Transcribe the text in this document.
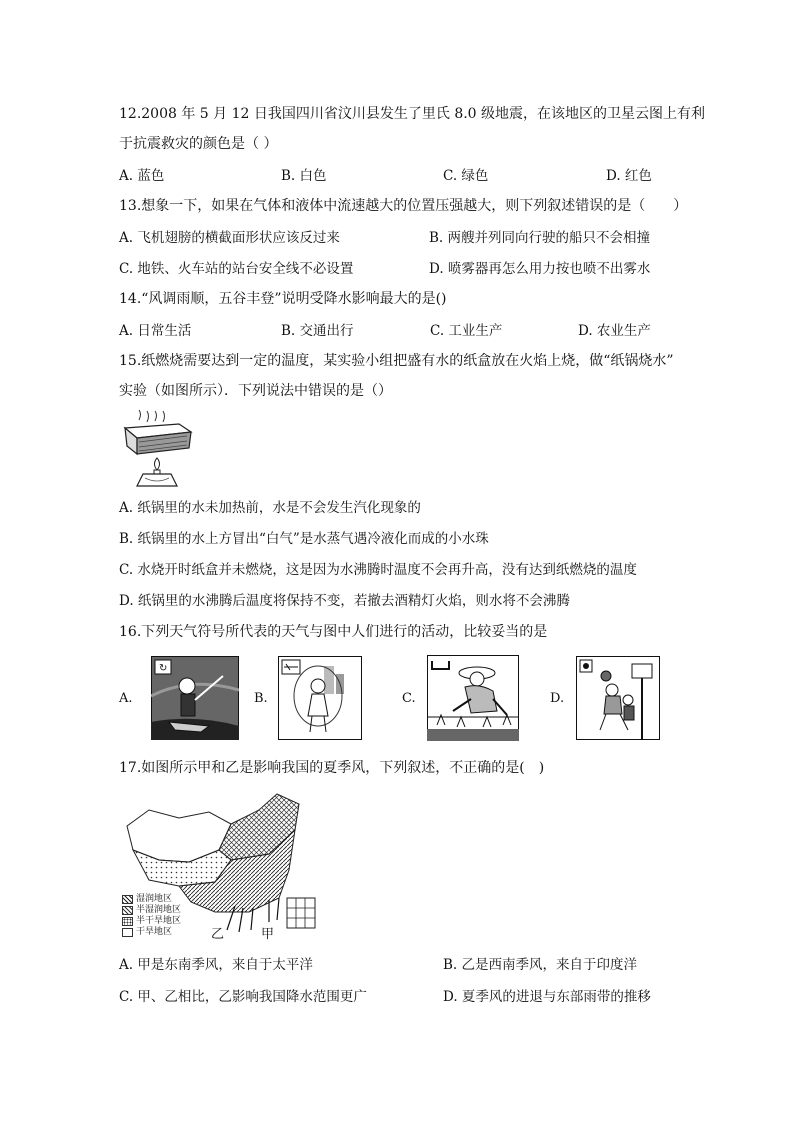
12.2008 年 5 月 12 日我国四川省汶川县发生了里氏 8.0 级地震，在该地区的卫星云图上有利
于抗震救灾的颜色是（ ）
A. 蓝色	B. 白色	C. 绿色	D. 红色
13.想象一下，如果在气体和液体中流速越大的位置压强越大，则下列叙述错误的是（　　）
A. 飞机翅膀的横截面形状应该反过来	B. 两艘并列同向行驶的船只不会相撞
C. 地铁、火车站的站台安全线不必设置	D. 喷雾器再怎么用力按也喷不出雾水
14.“风调雨顺，五谷丰登”说明受降水影响最大的是()
A. 日常生活	B. 交通出行	C. 工业生产	D. 农业生产
15.纸燃烧需要达到一定的温度，某实验小组把盛有水的纸盒放在火焰上烧，做“纸锅烧水”
实验（如图所示）．下列说法中错误的是（）
A. 纸锅里的水未加热前，水是不会发生汽化现象的
B. 纸锅里的水上方冒出“白气”是水蒸气遇冷液化而成的小水珠
C. 水烧开时纸盒并未燃烧，这是因为水沸腾时温度不会再升高，没有达到纸燃烧的温度
D. 纸锅里的水沸腾后温度将保持不变，若撤去酒精灯火焰，则水将不会沸腾
16.下列天气符号所代表的天气与图中人们进行的活动，比较妥当的是
A.
↻
B.	C.	D.
17.如图所示甲和乙是影响我国的夏季风，下列叙述，不正确的是(　)
乙	甲
湿润地区
半湿润地区
半干旱地区
干旱地区
A. 甲是东南季风，来自于太平洋	B. 乙是西南季风，来自于印度洋
C. 甲、乙相比，乙影响我国降水范围更广	D. 夏季风的进退与东部雨带的推移
